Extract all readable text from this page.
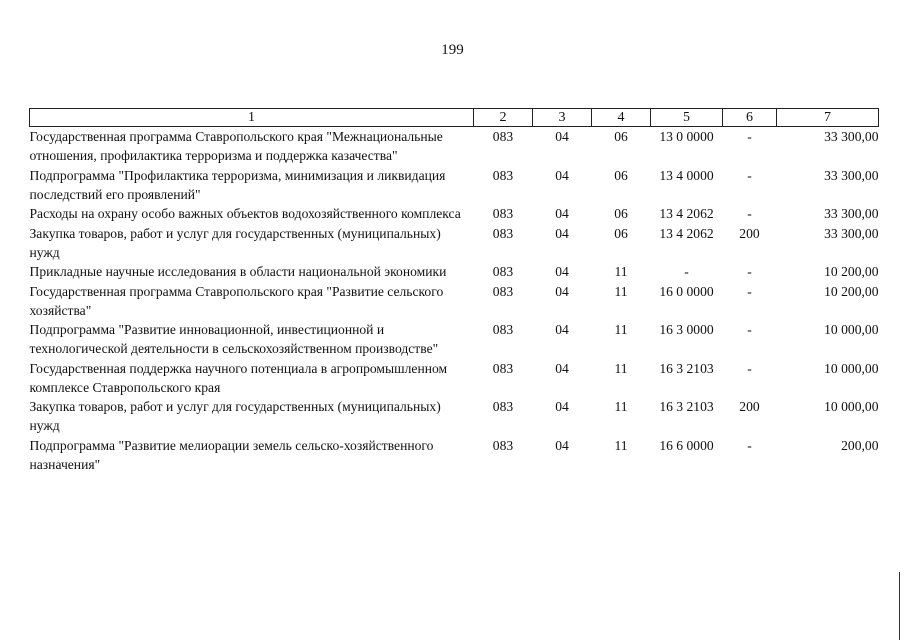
199
1	2	3	4	5	6	7
Государственная программа Ставропольского края "Межнациональные отношения, профилактика терроризма и поддержка казачества"	083	04	06	13 0 0000	-	33 300,00
Подпрограмма "Профилактика терроризма, минимизация и ликвидация последствий его проявлений"	083	04	06	13 4 0000	-	33 300,00
Расходы на охрану особо важных объектов водохозяйственного комплекса	083	04	06	13 4 2062	-	33 300,00
Закупка товаров, работ и услуг для государственных (муниципальных) нужд	083	04	06	13 4 2062	200	33 300,00
Прикладные научные исследования в области национальной экономики	083	04	11	-	-	10 200,00
Государственная программа Ставропольского края "Развитие сельского хозяйства"	083	04	11	16 0 0000	-	10 200,00
Подпрограмма "Развитие инновационной, инвестиционной и технологической деятельности в сельскохозяйственном производстве"	083	04	11	16 3 0000	-	10 000,00
Государственная поддержка научного потенциала в агропромышленном комплексе Ставропольского края	083	04	11	16 3 2103	-	10 000,00
Закупка товаров, работ и услуг для государственных (муниципальных) нужд	083	04	11	16 3 2103	200	10 000,00
Подпрограмма "Развитие мелиорации земель сельско-хозяйственного назначения"	083	04	11	16 6 0000	-	200,00
